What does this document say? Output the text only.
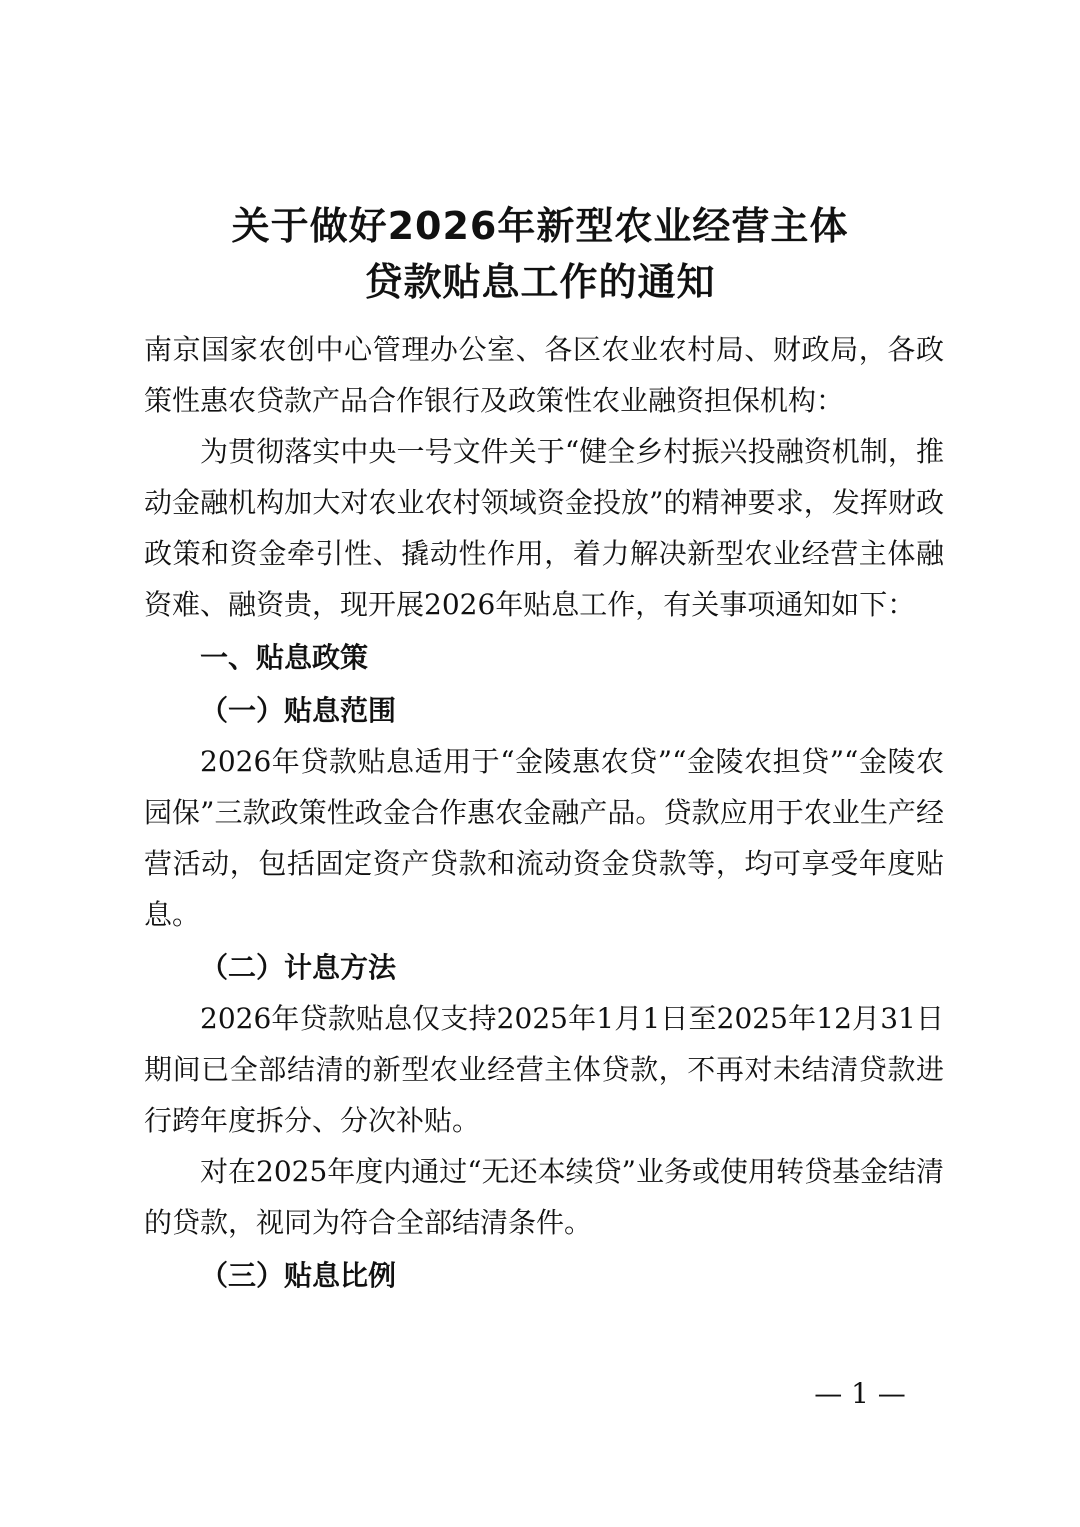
关于做好2026年新型农业经营主体
贷款贴息工作的通知

南京国家农创中心管理办公室、各区农业农村局、财政局，各政策性惠农贷款产品合作银行及政策性农业融资担保机构：

为贯彻落实中央一号文件关于“健全乡村振兴投融资机制，推动金融机构加大对农业农村领域资金投放”的精神要求，发挥财政政策和资金牵引性、撬动性作用，着力解决新型农业经营主体融资难、融资贵，现开展2026年贴息工作，有关事项通知如下：

一、贴息政策

（一）贴息范围

2026年贷款贴息适用于“金陵惠农贷”“金陵农担贷”“金陵农园保”三款政策性政金合作惠农金融产品。贷款应用于农业生产经营活动，包括固定资产贷款和流动资金贷款等，均可享受年度贴息。

（二）计息方法

2026年贷款贴息仅支持2025年1月1日至2025年12月31日期间已全部结清的新型农业经营主体贷款，不再对未结清贷款进行跨年度拆分、分次补贴。

对在2025年度内通过“无还本续贷”业务或使用转贷基金结清的贷款，视同为符合全部结清条件。

（三）贴息比例

— 1 —
